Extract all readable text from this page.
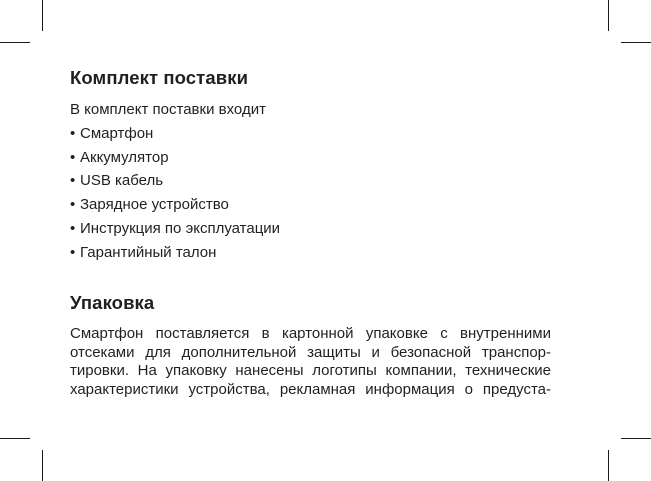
Комплект поставки

В комплект поставки входит

• Смартфон
• Аккумулятор
• USB кабель
• Зарядное устройство
• Инструкция по эксплуатации
• Гарантийный талон
Упаковка

Смартфон поставляется в картонной упаковке с внутренними
отсеками для дополнительной защиты и безопасной транспор-
тировки. На упаковку нанесены логотипы компании, технические
характеристики устройства, рекламная информация о предуста-
